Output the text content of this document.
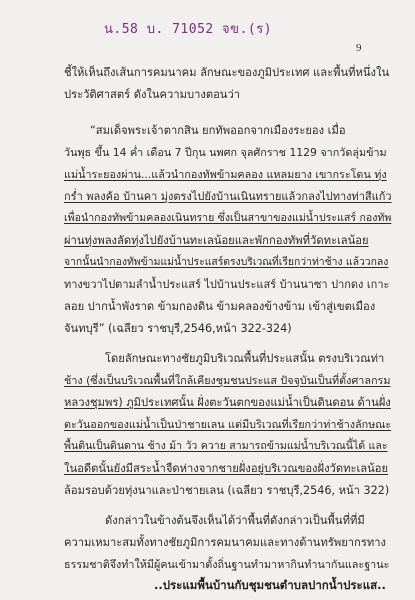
น.58 บ. 71052 จข.(ร)
9
ชี้ให้เห็นถึงเส้นการคมนาคม ลักษณะของภูมิประเทศ และพื้นที่หนึ่งใน
ประวัติศาสตร์ ดังในความบางตอนว่า
“สมเด็จพระเจ้าตากสิน ยกทัพออกจากเมืองระยอง เมื่อ
วันพุธ ขึ้น 14 ค่ำ เดือน 7 ปีกุน นพศก จุลศักราช 1129 จากวัดลุ่มข้าม
แม่น้ำระยองผ่าน...แล้วนำกองทัพข้ามคลอง แหลมยาง เขากระโดน ทุ่ง
กร่ำ พลงค้อ บ้านคา มุ่งตรงไปยังบ้านเนินทรายแล้วกลงไปทางท่าสีแก้ว
เพื่อนำกองทัพข้ามคลองเนินทราย ซึ่งเป็นสาขาของแม่น้ำประแสร์ กองทัพ
ผ่านทุ่งพลงลัดทุ่งไปยังบ้านทะเลน้อยและพักกองทัพที่วัดทะเลน้อย
จากนั้นนำกองทัพข้ามแม่น้ำประแสร์ตรงบริเวณที่เรียกว่าท่าช้าง แล้ววกลง
ทางขวาไปตามลำน้ำประแสร์ ไปบ้านประแสร์ บ้านนาซา ปากดง เกาะ
ลอย ปากน้ำพังราด ข้ามกองดิน ข้ามคลองข้างข้าม เข้าสู่เขตเมือง
จันทบุรี” (เฉลียว ราชบุรี,2546,หน้า 322-324)
โดยลักษณะทางชัยภูมิบริเวณพื้นที่ประแสนั้น ตรงบริเวณท่า
ช้าง (ซึ่งเป็นบริเวณพื้นที่ใกล้เคียงชุมชนประแส ปัจจุบันเป็นที่ตั้งศาลกรม
หลวงชุมพร) ภูมิประเทศนั้น ฝั่งตะวันตกของแม่น้ำเป็นดินดอน ด้านฝั่ง
ตะวันออกของแม่น้ำเป็นป่าชายเลน แต่มีบริเวณที่เรียกว่าท่าช้างลักษณะ
พื้นดินเป็นดินดาน ช้าง ม้า วัว ควาย สามารถข้ามแม่น้ำบริเวณนี้ได้ และ
ในอดีตนั้นยังมีสระน้ำจืดห่างจากชายฝั่งอยู่บริเวณของฝั่งวัดทะเลน้อย
ล้อมรอบด้วยทุ่งนาและป่าชายเลน (เฉลียว ราชบุรี,2546, หน้า 322)
ดังกล่าวในข้างต้นจึงเห็นได้ว่าพื้นที่ดังกล่าวเป็นพื้นที่ที่มี
ความเหมาะสมทั้งทางชัยภูมิการคมนาคมและทางด้านทรัพยากรทาง
ธรรมชาติจึงทำให้มีผู้คนเข้ามาตั้งถิ่นฐานทำมาหากินทำนากันและฐานะ
..ประแมพื้นบ้านกับชุมชนตำบลปากน้ำประแส..
